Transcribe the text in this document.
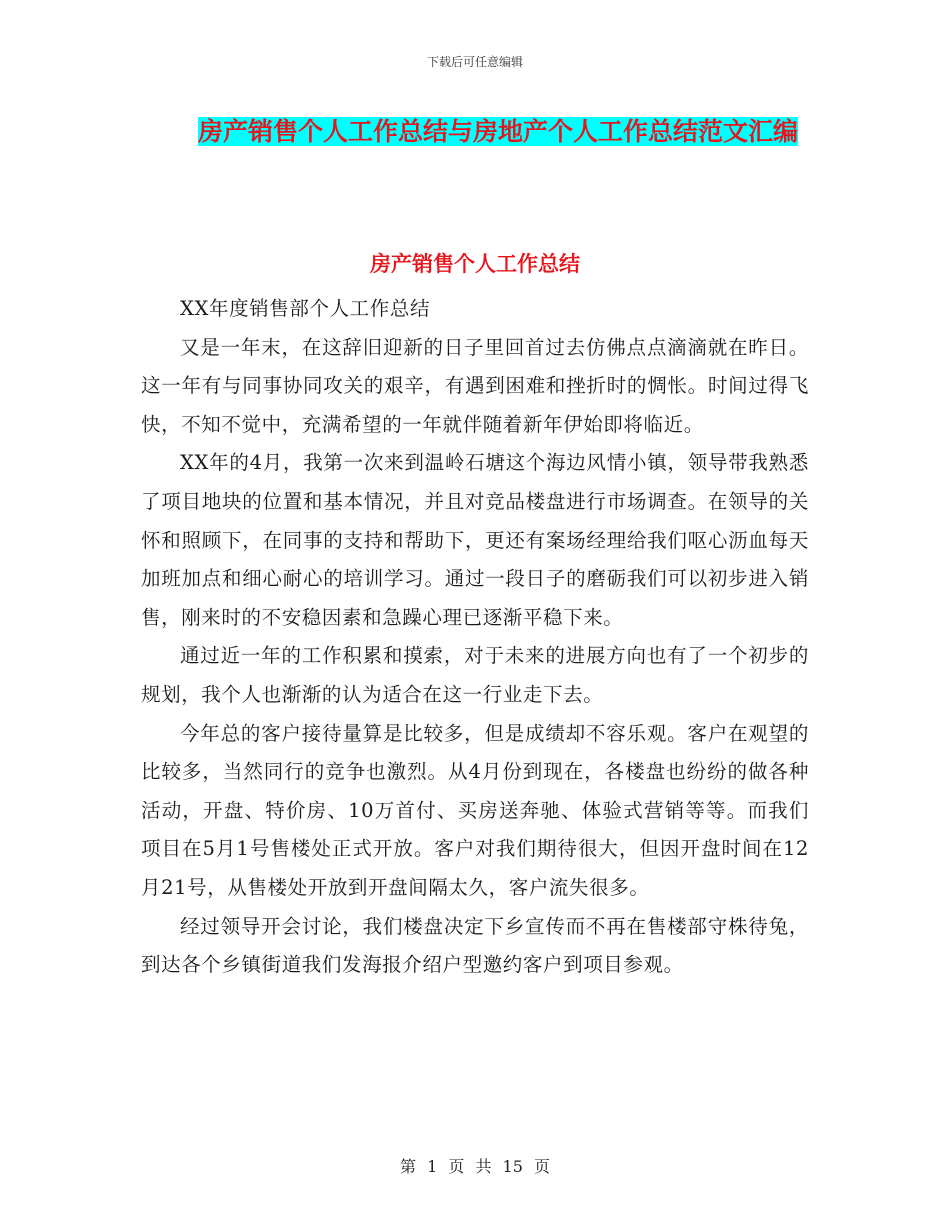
下载后可任意编辑
房产销售个人工作总结与房地产个人工作总结范文汇编
房产销售个人工作总结

XX年度销售部个人工作总结

又是一年末，在这辞旧迎新的日子里回首过去仿佛点点滴滴就在昨日。这一年有与同事协同攻关的艰辛，有遇到困难和挫折时的惆怅。时间过得飞快，不知不觉中，充满希望的一年就伴随着新年伊始即将临近。

XX年的4月，我第一次来到温岭石塘这个海边风情小镇，领导带我熟悉了项目地块的位置和基本情况，并且对竞品楼盘进行市场调查。在领导的关怀和照顾下，在同事的支持和帮助下，更还有案场经理给我们呕心沥血每天加班加点和细心耐心的培训学习。通过一段日子的磨砺我们可以初步进入销售，刚来时的不安稳因素和急躁心理已逐渐平稳下来。

通过近一年的工作积累和摸索，对于未来的进展方向也有了一个初步的规划，我个人也渐渐的认为适合在这一行业走下去。

今年总的客户接待量算是比较多，但是成绩却不容乐观。客户在观望的比较多，当然同行的竞争也激烈。从4月份到现在，各楼盘也纷纷的做各种活动，开盘、特价房、10万首付、买房送奔驰、体验式营销等等。而我们项目在5月1号售楼处正式开放。客户对我们期待很大，但因开盘时间在12月21号，从售楼处开放到开盘间隔太久，客户流失很多。

经过领导开会讨论，我们楼盘决定下乡宣传而不再在售楼部守株待兔，到达各个乡镇街道我们发海报介绍户型邀约客户到项目参观。

第 1 页 共 15 页
